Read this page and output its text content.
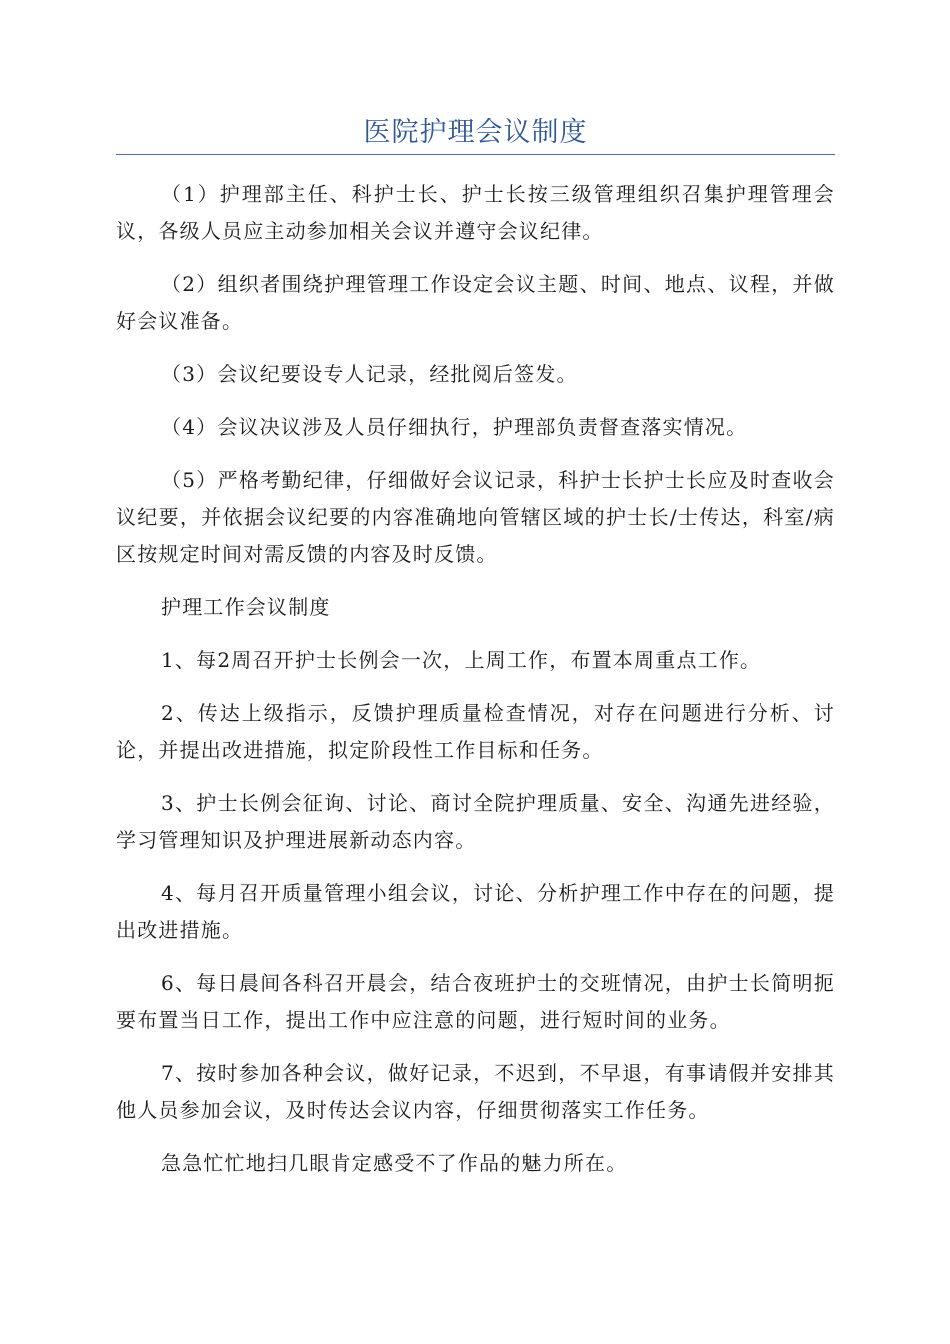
医院护理会议制度

（1）护理部主任、科护士长、护士长按三级管理组织召集护理管理会议，各级人员应主动参加相关会议并遵守会议纪律。

（2）组织者围绕护理管理工作设定会议主题、时间、地点、议程，并做好会议准备。

（3）会议纪要设专人记录，经批阅后签发。

（4）会议决议涉及人员仔细执行，护理部负责督查落实情况。

（5）严格考勤纪律，仔细做好会议记录，科护士长护士长应及时查收会议纪要，并依据会议纪要的内容准确地向管辖区域的护士长/士传达，科室/病区按规定时间对需反馈的内容及时反馈。

护理工作会议制度

1、每2周召开护士长例会一次，上周工作，布置本周重点工作。

2、传达上级指示，反馈护理质量检查情况，对存在问题进行分析、讨论，并提出改进措施，拟定阶段性工作目标和任务。

3、护士长例会征询、讨论、商讨全院护理质量、安全、沟通先进经验，学习管理知识及护理进展新动态内容。

4、每月召开质量管理小组会议，讨论、分析护理工作中存在的问题，提出改进措施。

6、每日晨间各科召开晨会，结合夜班护士的交班情况，由护士长简明扼要布置当日工作，提出工作中应注意的问题，进行短时间的业务。

7、按时参加各种会议，做好记录，不迟到，不早退，有事请假并安排其他人员参加会议，及时传达会议内容，仔细贯彻落实工作任务。

急急忙忙地扫几眼肯定感受不了作品的魅力所在。
